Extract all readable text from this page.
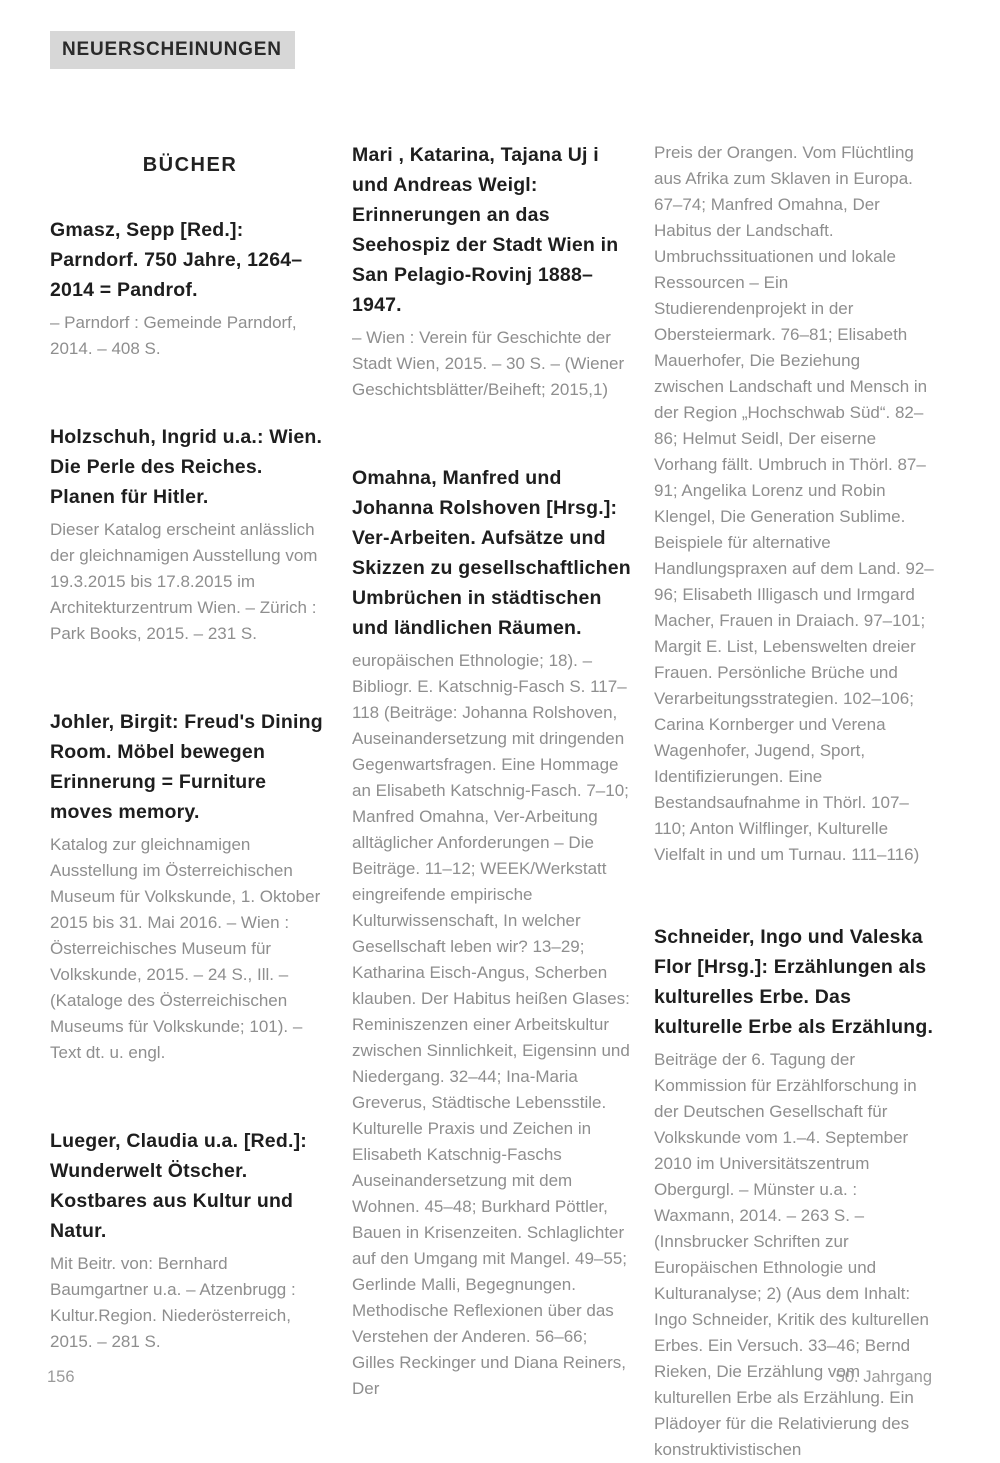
NEUERSCHEINUNGEN
BÜCHER
Gmasz, Sepp [Red.]: Parndorf. 750 Jahre, 1264–2014 = Pandrof.

– Parndorf : Gemeinde Parndorf, 2014. – 408 S.

Holzschuh, Ingrid u.a.: Wien. Die Perle des Reiches. Planen für Hitler.

Dieser Katalog erscheint anlässlich der gleichnamigen Ausstellung vom 19.3.2015 bis 17.8.2015 im Architekturzentrum Wien. – Zürich : Park Books, 2015. – 231 S.

Johler, Birgit: Freud's Dining Room. Möbel bewegen Erinnerung = Furniture moves memory.

Katalog zur gleichnamigen Ausstellung im Österreichischen Museum für Volkskunde, 1. Oktober 2015 bis 31. Mai 2016. – Wien : Österreichisches Museum für Volkskunde, 2015. – 24 S., Ill. – (Kataloge des Österreichischen Museums für Volkskunde; 101). –Text dt. u. engl.

Lueger, Claudia u.a. [Red.]: Wunderwelt Ötscher. Kostbares aus Kultur und Natur.

Mit Beitr. von: Bernhard Baumgartner u.a. – Atzenbrugg : Kultur.Region. Niederösterreich, 2015. – 281 S.

Mari , Katarina, Tajana Uj i und Andreas Weigl: Erinnerungen an das Seehospiz der Stadt Wien in San Pelagio-Rovinj 1888–1947.

– Wien : Verein für Geschichte der Stadt Wien, 2015. – 30 S. – (Wiener Geschichtsblätter/Beiheft; 2015,1)

Omahna, Manfred und Johanna Rolshoven [Hrsg.]: Ver-Arbeiten. Aufsätze und Skizzen zu gesellschaftlichen Umbrüchen in städtischen und ländlichen Räumen.

europäischen Ethnologie; 18). – Bibliogr. E. Katschnig-Fasch S. 117–118 (Beiträge: Johanna Rolshoven, Auseinandersetzung mit dringenden Gegenwartsfragen. Eine Hommage an Elisabeth Katschnig-Fasch. 7–10; Manfred Omahna, Ver-Arbeitung alltäglicher Anforderungen – Die Beiträge. 11–12; WEEK/Werkstatt eingreifende empirische Kulturwissenschaft, In welcher Gesellschaft leben wir? 13–29; Katharina Eisch-Angus, Scherben klauben. Der Habitus heißen Glases: Reminiszenzen einer Arbeitskultur zwischen Sinnlichkeit, Eigensinn und Niedergang. 32–44; Ina-Maria Greverus, Städtische Lebensstile. Kulturelle Praxis und Zeichen in Elisabeth Katschnig-Faschs Auseinandersetzung mit dem Wohnen. 45–48; Burkhard Pöttler, Bauen in Krisenzeiten. Schlaglichter auf den Umgang mit Mangel. 49–55; Gerlinde Malli, Begegnungen. Methodische Reflexionen über das Verstehen der Anderen. 56–66; Gilles Reckinger und Diana Reiners, Der

Preis der Orangen. Vom Flüchtling aus Afrika zum Sklaven in Europa. 67–74; Manfred Omahna, Der Habitus der Landschaft. Umbruchssituationen und lokale Ressourcen – Ein Studierendenprojekt in der Obersteiermark. 76–81; Elisabeth Mauerhofer, Die Beziehung zwischen Landschaft und Mensch in der Region „Hochschwab Süd“. 82–86; Helmut Seidl, Der eiserne Vorhang fällt. Umbruch in Thörl. 87–91; Angelika Lorenz und Robin Klengel, Die Generation Sublime. Beispiele für alternative Handlungspraxen auf dem Land. 92–96; Elisabeth Illigasch und Irmgard Macher, Frauen in Draiach. 97–101; Margit E. List, Lebenswelten dreier Frauen. Persönliche Brüche und Verarbeitungsstrategien. 102–106; Carina Kornberger und Verena Wagenhofer, Jugend, Sport, Identifizierungen. Eine Bestandsaufnahme in Thörl. 107–110; Anton Wilflinger, Kulturelle Vielfalt in und um Turnau. 111–116)

Schneider, Ingo und Valeska Flor [Hrsg.]: Erzählungen als kulturelles Erbe. Das kulturelle Erbe als Erzählung.

Beiträge der 6. Tagung der Kommission für Erzählforschung in der Deutschen Gesellschaft für Volkskunde vom 1.–4. September 2010 im Universitätszentrum Obergurgl. – Münster u.a. : Waxmann, 2014. – 263 S. – (Innsbrucker Schriften zur Europäischen Ethnologie und Kulturanalyse; 2) (Aus dem Inhalt: Ingo Schneider, Kritik des kulturellen Erbes. Ein Versuch. 33–46; Bernd Rieken, Die Erzählung vom kulturellen Erbe als Erzählung. Ein Plädoyer für die Relativierung des konstruktivistischen

156	50. Jahrgang
